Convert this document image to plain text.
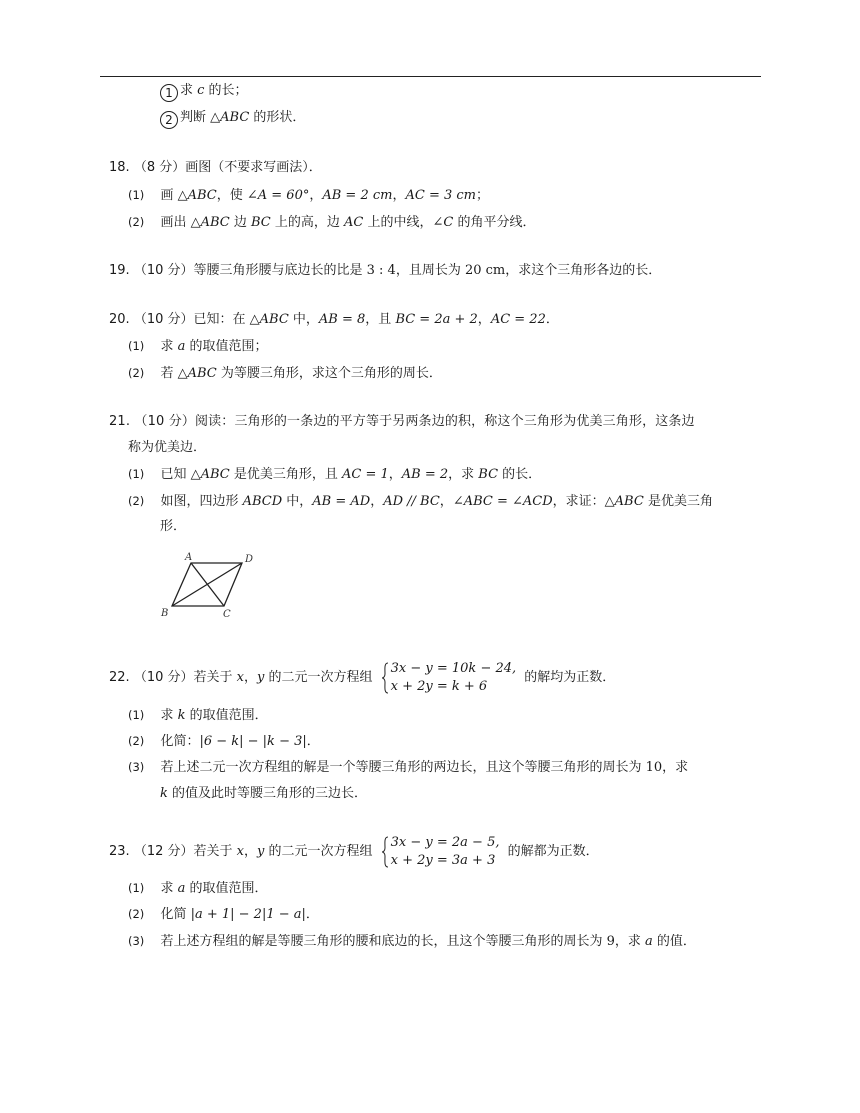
1 求 c 的长；
2 判断 △ABC 的形状．
18. （8 分）画图（不要求写画法）．
(1) 画 △ABC，使 ∠A = 60°，AB = 2 cm，AC = 3 cm；
(2) 画出 △ABC 边 BC 上的高，边 AC 上的中线，∠C 的角平分线．
19. （10 分）等腰三角形腰与底边长的比是 3 : 4，且周长为 20 cm，求这个三角形各边的长．
20. （10 分）已知：在 △ABC 中，AB = 8，且 BC = 2a + 2，AC = 22．
(1) 求 a 的取值范围；
(2) 若 △ABC 为等腰三角形，求这个三角形的周长．
21. （10 分）阅读：三角形的一条边的平方等于另两条边的积，称这个三角形为优美三角形，这条边
称为优美边．
(1) 已知 △ABC 是优美三角形，且 AC = 1，AB = 2，求 BC 的长．
(2) 如图，四边形 ABCD 中，AB = AD，AD // BC，∠ABC = ∠ACD，求证：△ABC 是优美三角
形．
A	D
B	C
22. （10 分）若关于 x，y 的二元一次方程组
3x − y = 10k − 24,
x + 2y = k + 6
的解均为正数．
(1) 求 k 的取值范围．
(2) 化简：|6 − k| − |k − 3|．
(3) 若上述二元一次方程组的解是一个等腰三角形的两边长，且这个等腰三角形的周长为 10，求
k 的值及此时等腰三角形的三边长．
23. （12 分）若关于 x，y 的二元一次方程组
3x − y = 2a − 5,
x + 2y = 3a + 3
的解都为正数．
(1) 求 a 的取值范围．
(2) 化简 |a + 1| − 2|1 − a|．
(3) 若上述方程组的解是等腰三角形的腰和底边的长，且这个等腰三角形的周长为 9，求 a 的值．
